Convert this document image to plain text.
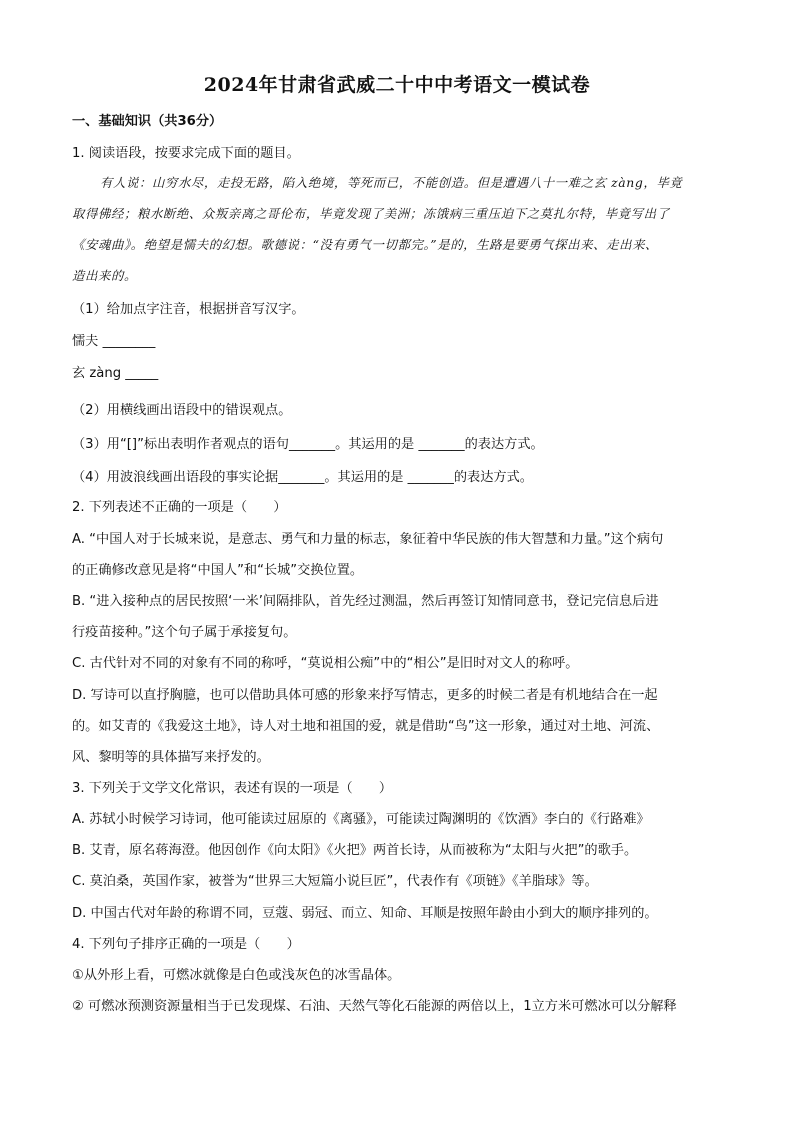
2024年甘肃省武威二十中中考语文一模试卷
一、基础知识（共36分）
1. 阅读语段，按要求完成下面的题目。
有人说：山穷水尽，走投无路，陷入绝境，等死而已，不能创造。但是遭遇八十一难之玄 zàng，毕竟
取得佛经；粮水断绝、众叛亲离之哥伦布，毕竟发现了美洲；冻饿病三重压迫下之莫扎尔特，毕竟写出了
《安魂曲》。绝望是懦夫的幻想。歌德说：“没有勇气一切都完。”是的，生路是要勇气探出来、走出来、
造出来的。
（1）给加点字注音，根据拼音写汉字。
懦夫 ________
玄 zàng _____
（2）用横线画出语段中的错误观点。
（3）用“[]”标出表明作者观点的语句_______。其运用的是 _______的表达方式。
（4）用波浪线画出语段的事实论据_______。其运用的是 _______的表达方式。
2. 下列表述不正确的一项是（　　）
A. “中国人对于长城来说，是意志、勇气和力量的标志，象征着中华民族的伟大智慧和力量。”这个病句
的正确修改意见是将“中国人”和“长城”交换位置。
B. “进入接种点的居民按照‘一米’间隔排队，首先经过测温，然后再签订知情同意书，登记完信息后进
行疫苗接种。”这个句子属于承接复句。
C. 古代针对不同的对象有不同的称呼，“莫说相公痴”中的“相公”是旧时对文人的称呼。
D. 写诗可以直抒胸臆，也可以借助具体可感的形象来抒写情志，更多的时候二者是有机地结合在一起
的。如艾青的《我爱这土地》，诗人对土地和祖国的爱，就是借助“鸟”这一形象，通过对土地、河流、
风、黎明等的具体描写来抒发的。
3. 下列关于文学文化常识，表述有误的一项是（　　）
A. 苏轼小时候学习诗词，他可能读过屈原的《离骚》，可能读过陶渊明的《饮酒》李白的《行路难》
B. 艾青，原名蒋海澄。他因创作《向太阳》《火把》两首长诗，从而被称为“太阳与火把”的歌手。
C. 莫泊桑，英国作家，被誉为“世界三大短篇小说巨匠”，代表作有《项链》《羊脂球》等。
D. 中国古代对年龄的称谓不同，豆蔻、弱冠、而立、知命、耳顺是按照年龄由小到大的顺序排列的。
4. 下列句子排序正确的一项是（　　）
①从外形上看，可燃冰就像是白色或浅灰色的冰雪晶体。
② 可燃冰预测资源量相当于已发现煤、石油、天然气等化石能源的两倍以上，1立方米可燃冰可以分解释
